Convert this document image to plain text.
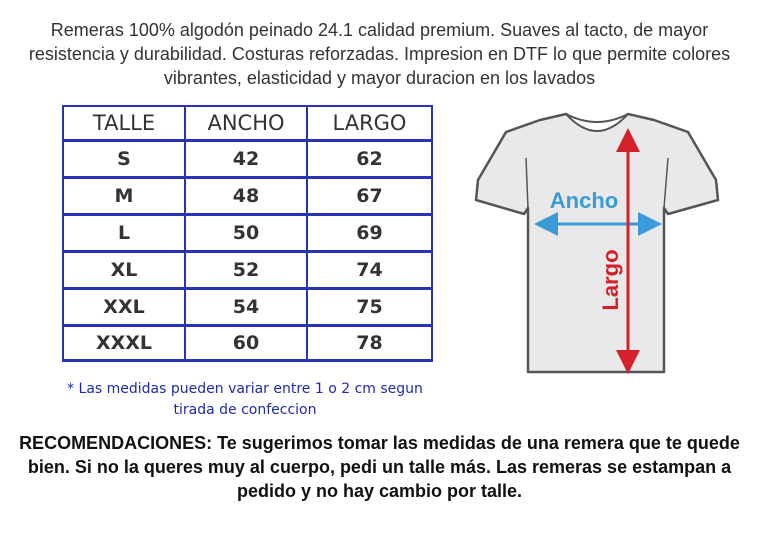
Remeras 100% algodón peinado 24.1 calidad premium. Suaves al tacto, de mayor resistencia y durabilidad. Costuras reforzadas. Impresion en DTF lo que permite colores vibrantes, elasticidad y mayor duracion en los lavados
TALLE	ANCHO	LARGO
S	42	62
M	48	67
L	50	69
XL	52	74
XXL	54	75
XXXL	60	78
* Las medidas pueden variar entre 1 o 2 cm segun
tirada de confeccion
Ancho
Largo
RECOMENDACIONES: Te sugerimos tomar las medidas de una remera que te quede bien. Si no la queres muy al cuerpo, pedi un talle más. Las remeras se estampan a pedido y no hay cambio por talle.
